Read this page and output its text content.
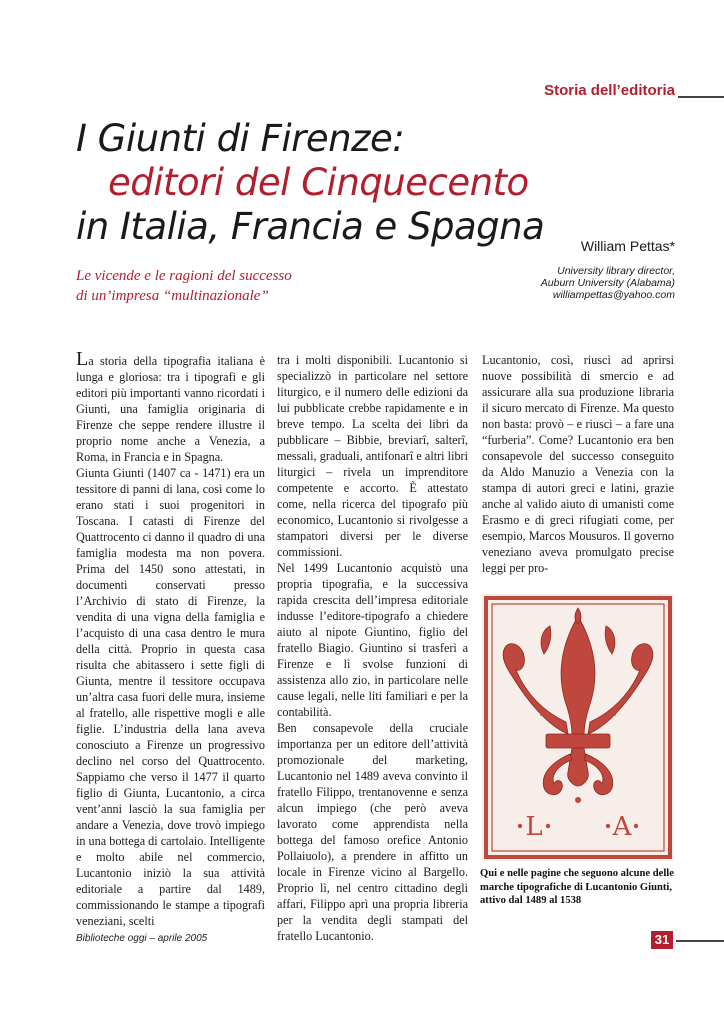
Storia dell’editoria
I Giunti di Firenze:
editori del Cinquecento
in Italia, Francia e Spagna	William Pettas*
Le vicende e le ragioni del successo
di un’impresa “multinazionale”
University library director,
Auburn University (Alabama)
williampettas@yahoo.com

La storia della tipografia italiana è lunga e gloriosa: tra i tipografi e gli editori più importanti vanno ricordati i Giunti, una famiglia originaria di Firenze che seppe rendere illustre il proprio nome anche a Venezia, a Roma, in Francia e in Spagna.

Giunta Giunti (1407 ca - 1471) era un tessitore di panni di lana, così come lo erano stati i suoi progenitori in Toscana. I catasti di Firenze del Quattrocento ci danno il quadro di una famiglia modesta ma non povera. Prima del 1450 sono attestati, in documenti conservati presso l’Archivio di stato di Firenze, la vendita di una vigna della famiglia e l’acquisto di una casa dentro le mura della città. Proprio in questa casa risulta che abitassero i sette figli di Giunta, mentre il tessitore occupava un’altra casa fuori delle mura, insieme al fratello, alle rispettive mogli e alle figlie. L’industria della lana aveva conosciuto a Firenze un progressivo declino nel corso del Quattrocento. Sappiamo che verso il 1477 il quarto figlio di Giunta, Lucantonio, a circa vent’anni lasciò la sua famiglia per andare a Venezia, dove trovò impiego in una bottega di cartolaio. Intelligente e molto abile nel commercio, Lucantonio iniziò la sua attività editoriale a partire dal 1489, commissionando le stampe a tipografi veneziani, scelti

tra i molti disponibili. Lucantonio si specializzò in particolare nel settore liturgico, e il numero delle edizioni da lui pubblicate crebbe rapidamente e in breve tempo. La scelta dei libri da pubblicare – Bibbie, breviarî, salterî, messali, graduali, antifonarî e altri libri liturgici – rivela un imprenditore competente e accorto. È attestato come, nella ricerca del tipografo più economico, Lucantonio si rivolgesse a stampatori diversi per le diverse commissioni.

Nel 1499 Lucantonio acquistò una propria tipografia, e la successiva rapida crescita dell’impresa editoriale indusse l’editore-tipografo a chiedere aiuto al nipote Giuntino, figlio del fratello Biagio. Giuntino si trasferì a Firenze e lì svolse funzioni di assistenza allo zio, in particolare nelle cause legali, nelle liti familiari e per la contabilità.

Ben consapevole della cruciale importanza per un editore dell’attività promozionale del marketing, Lucantonio nel 1489 aveva convinto il fratello Filippo, trentanovenne e senza alcun impiego (che però aveva lavorato come apprendista nella bottega del famoso orefice Antonio Pollaiuolo), a prendere in affitto un locale in Firenze vicino al Bargello. Proprio lì, nel centro cittadino degli affari, Filippo aprì una propria libreria per la vendita degli stampati del fratello Lucantonio.

Lucantonio, così, riuscì ad aprirsi nuove possibilità di smercio e ad assicurare alla sua produzione libraria il sicuro mercato di Firenze. Ma questo non basta: provò – e riuscì – a fare una “furberia”. Come? Lucantonio era ben consapevole del successo conseguito da Aldo Manuzio a Venezia con la stampa di autori greci e latini, grazie anche al valido aiuto di umanisti come Erasmo e di greci rifugiati come, per esempio, Marcos Mousuros. Il governo veneziano aveva promulgato precise leggi per pro-

L	A
Qui e nelle pagine che seguono alcune delle marche tipografiche di Lucantonio Giunti, attivo dal 1489 al 1538
Biblioteche oggi – aprile 2005	31
